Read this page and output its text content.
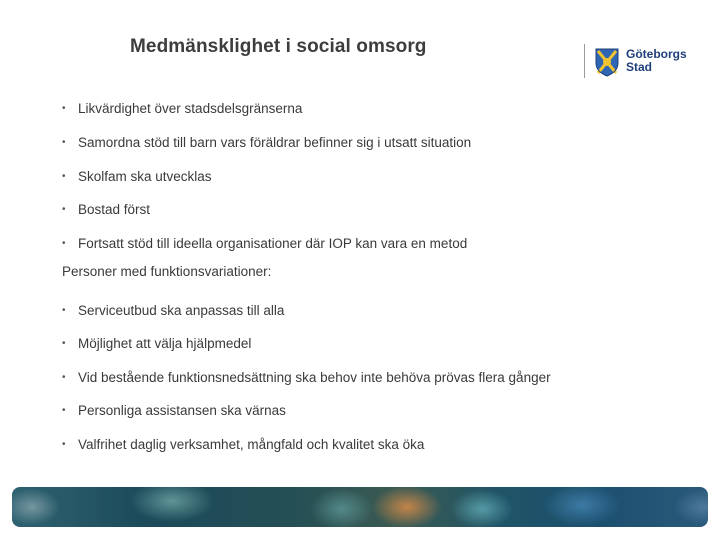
Medmänsklighet i social omsorg	Göteborgs
Stad
• Likvärdighet över stadsdelsgränserna
• Samordna stöd till barn vars föräldrar befinner sig i utsatt situation
• Skolfam ska utvecklas
• Bostad först
• Fortsatt stöd till ideella organisationer där IOP kan vara en metod
Personer med funktionsvariationer:
• Serviceutbud ska anpassas till alla
• Möjlighet att välja hjälpmedel
• Vid bestående funktionsnedsättning ska behov inte behöva prövas flera gånger
• Personliga assistansen ska värnas
• Valfrihet daglig verksamhet, mångfald och kvalitet ska öka
